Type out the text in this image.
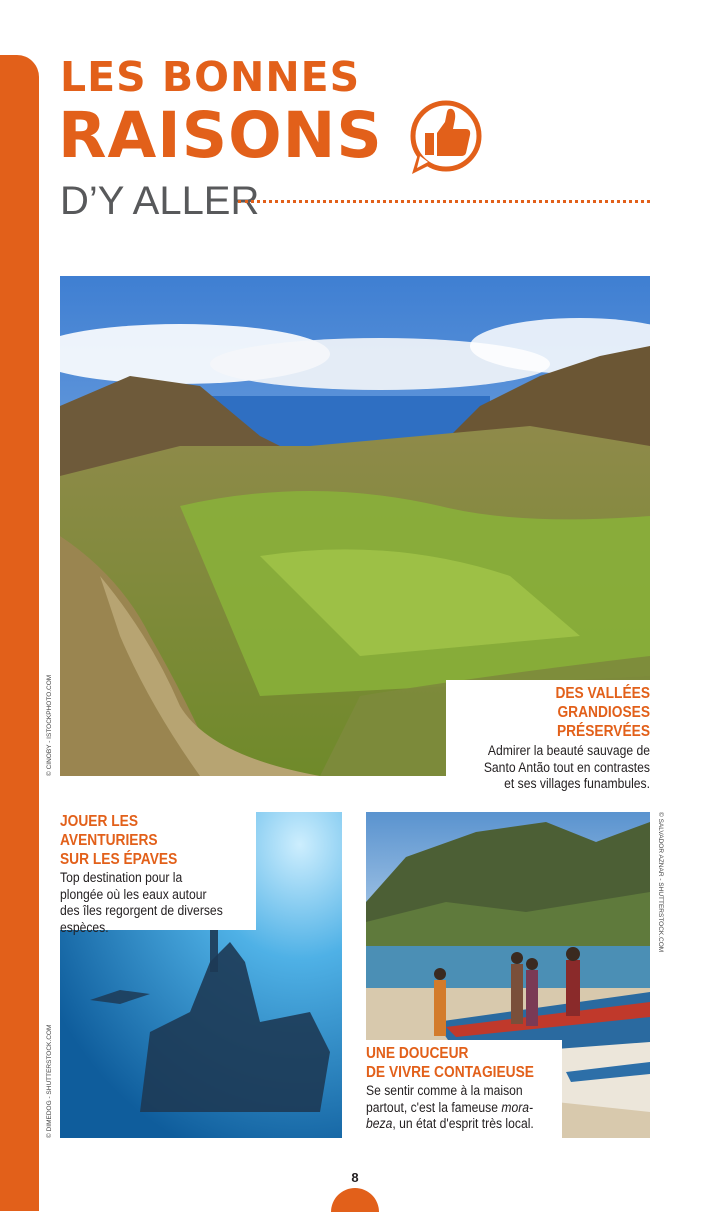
LES BONNES
RAISONS
D’Y ALLER
DES VALLÉES
GRANDIOSES PRÉSERVÉES
Admirer la beauté sauvage de
Santo Antão tout en contrastes
et ses villages funambules.
© CINOBY - ISTOCKPHOTO.COM
JOUER LES AVENTURIERS
SUR LES ÉPAVES
Top destination pour la
plongée où les eaux autour
des îles regorgent de diverses
espèces.
© DIMEDOG - SHUTTERSTOCK.COM	UNE DOUCEUR
DE VIVRE CONTAGIEUSE
Se sentir comme à la maison
partout, c'est la fameuse mora-
beza, un état d'esprit très local.
© SALVADOR AZNAR - SHUTTERSTOCK.COM
8
